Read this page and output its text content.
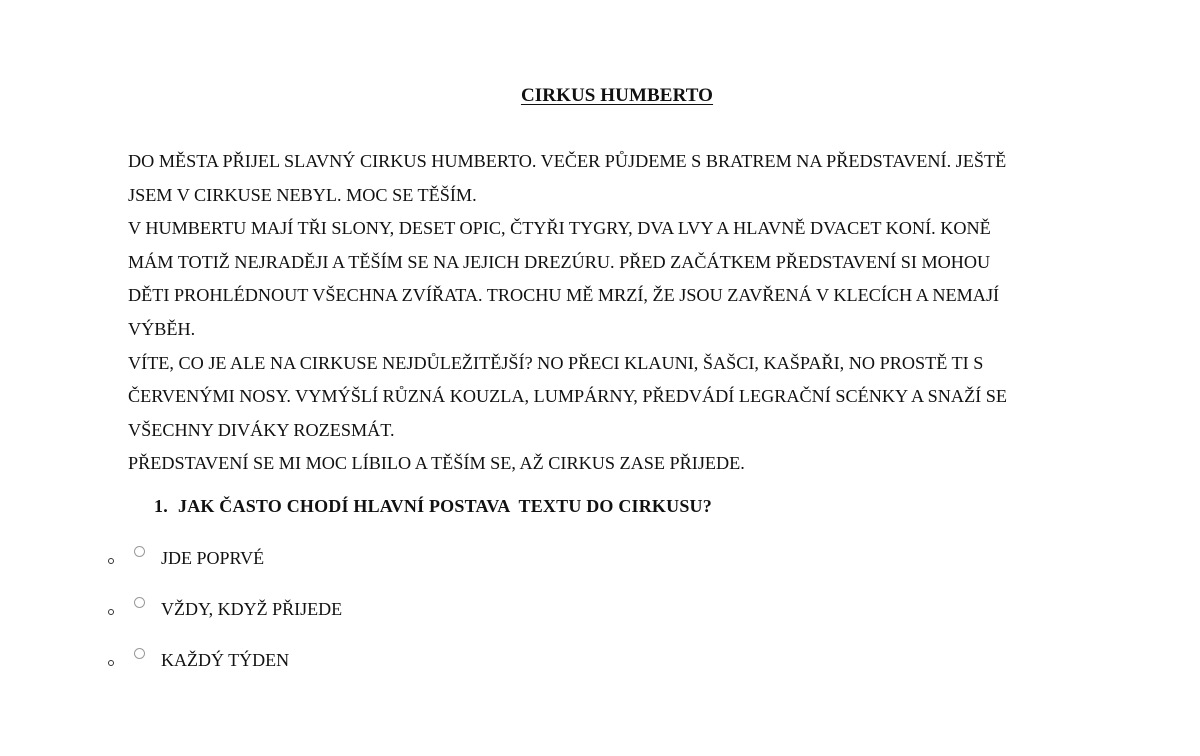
CIRKUS HUMBERTO

DO MĚSTA PŘIJEL SLAVNÝ CIRKUS HUMBERTO. VEČER PŮJDEME S BRATREM NA PŘEDSTAVENÍ. JEŠTĚ

JSEM V CIRKUSE NEBYL. MOC SE TĚŠÍM.

V HUMBERTU MAJÍ TŘI SLONY, DESET OPIC, ČTYŘI TYGRY, DVA LVY A HLAVNĚ DVACET KONÍ. KONĚ

MÁM TOTIŽ NEJRADĚJI A TĚŠÍM SE NA JEJICH DREZÚRU. PŘED ZAČÁTKEM PŘEDSTAVENÍ SI MOHOU

DĚTI PROHLÉDNOUT VŠECHNA ZVÍŘATA. TROCHU MĚ MRZÍ, ŽE JSOU ZAVŘENÁ V KLECÍCH A NEMAJÍ

VÝBĚH.

VÍTE, CO JE ALE NA CIRKUSE NEJDŮLEŽITĚJŠÍ? NO PŘECI KLAUNI, ŠAŠCI, KAŠPAŘI, NO PROSTĚ TI S

ČERVENÝMI NOSY. VYMÝŠLÍ RŮZNÁ KOUZLA, LUMPÁRNY, PŘEDVÁDÍ LEGRAČNÍ SCÉNKY A SNAŽÍ SE

VŠECHNY DIVÁKY ROZESMÁT.

PŘEDSTAVENÍ SE MI MOC LÍBILO A TĚŠÍM SE, AŽ CIRKUS ZASE PŘIJEDE.

1. JAK ČASTO CHODÍ HLAVNÍ POSTAVA  TEXTU DO CIRKUSU?
JDE POPRVÉ
VŽDY, KDYŽ PŘIJEDE
KAŽDÝ TÝDEN
